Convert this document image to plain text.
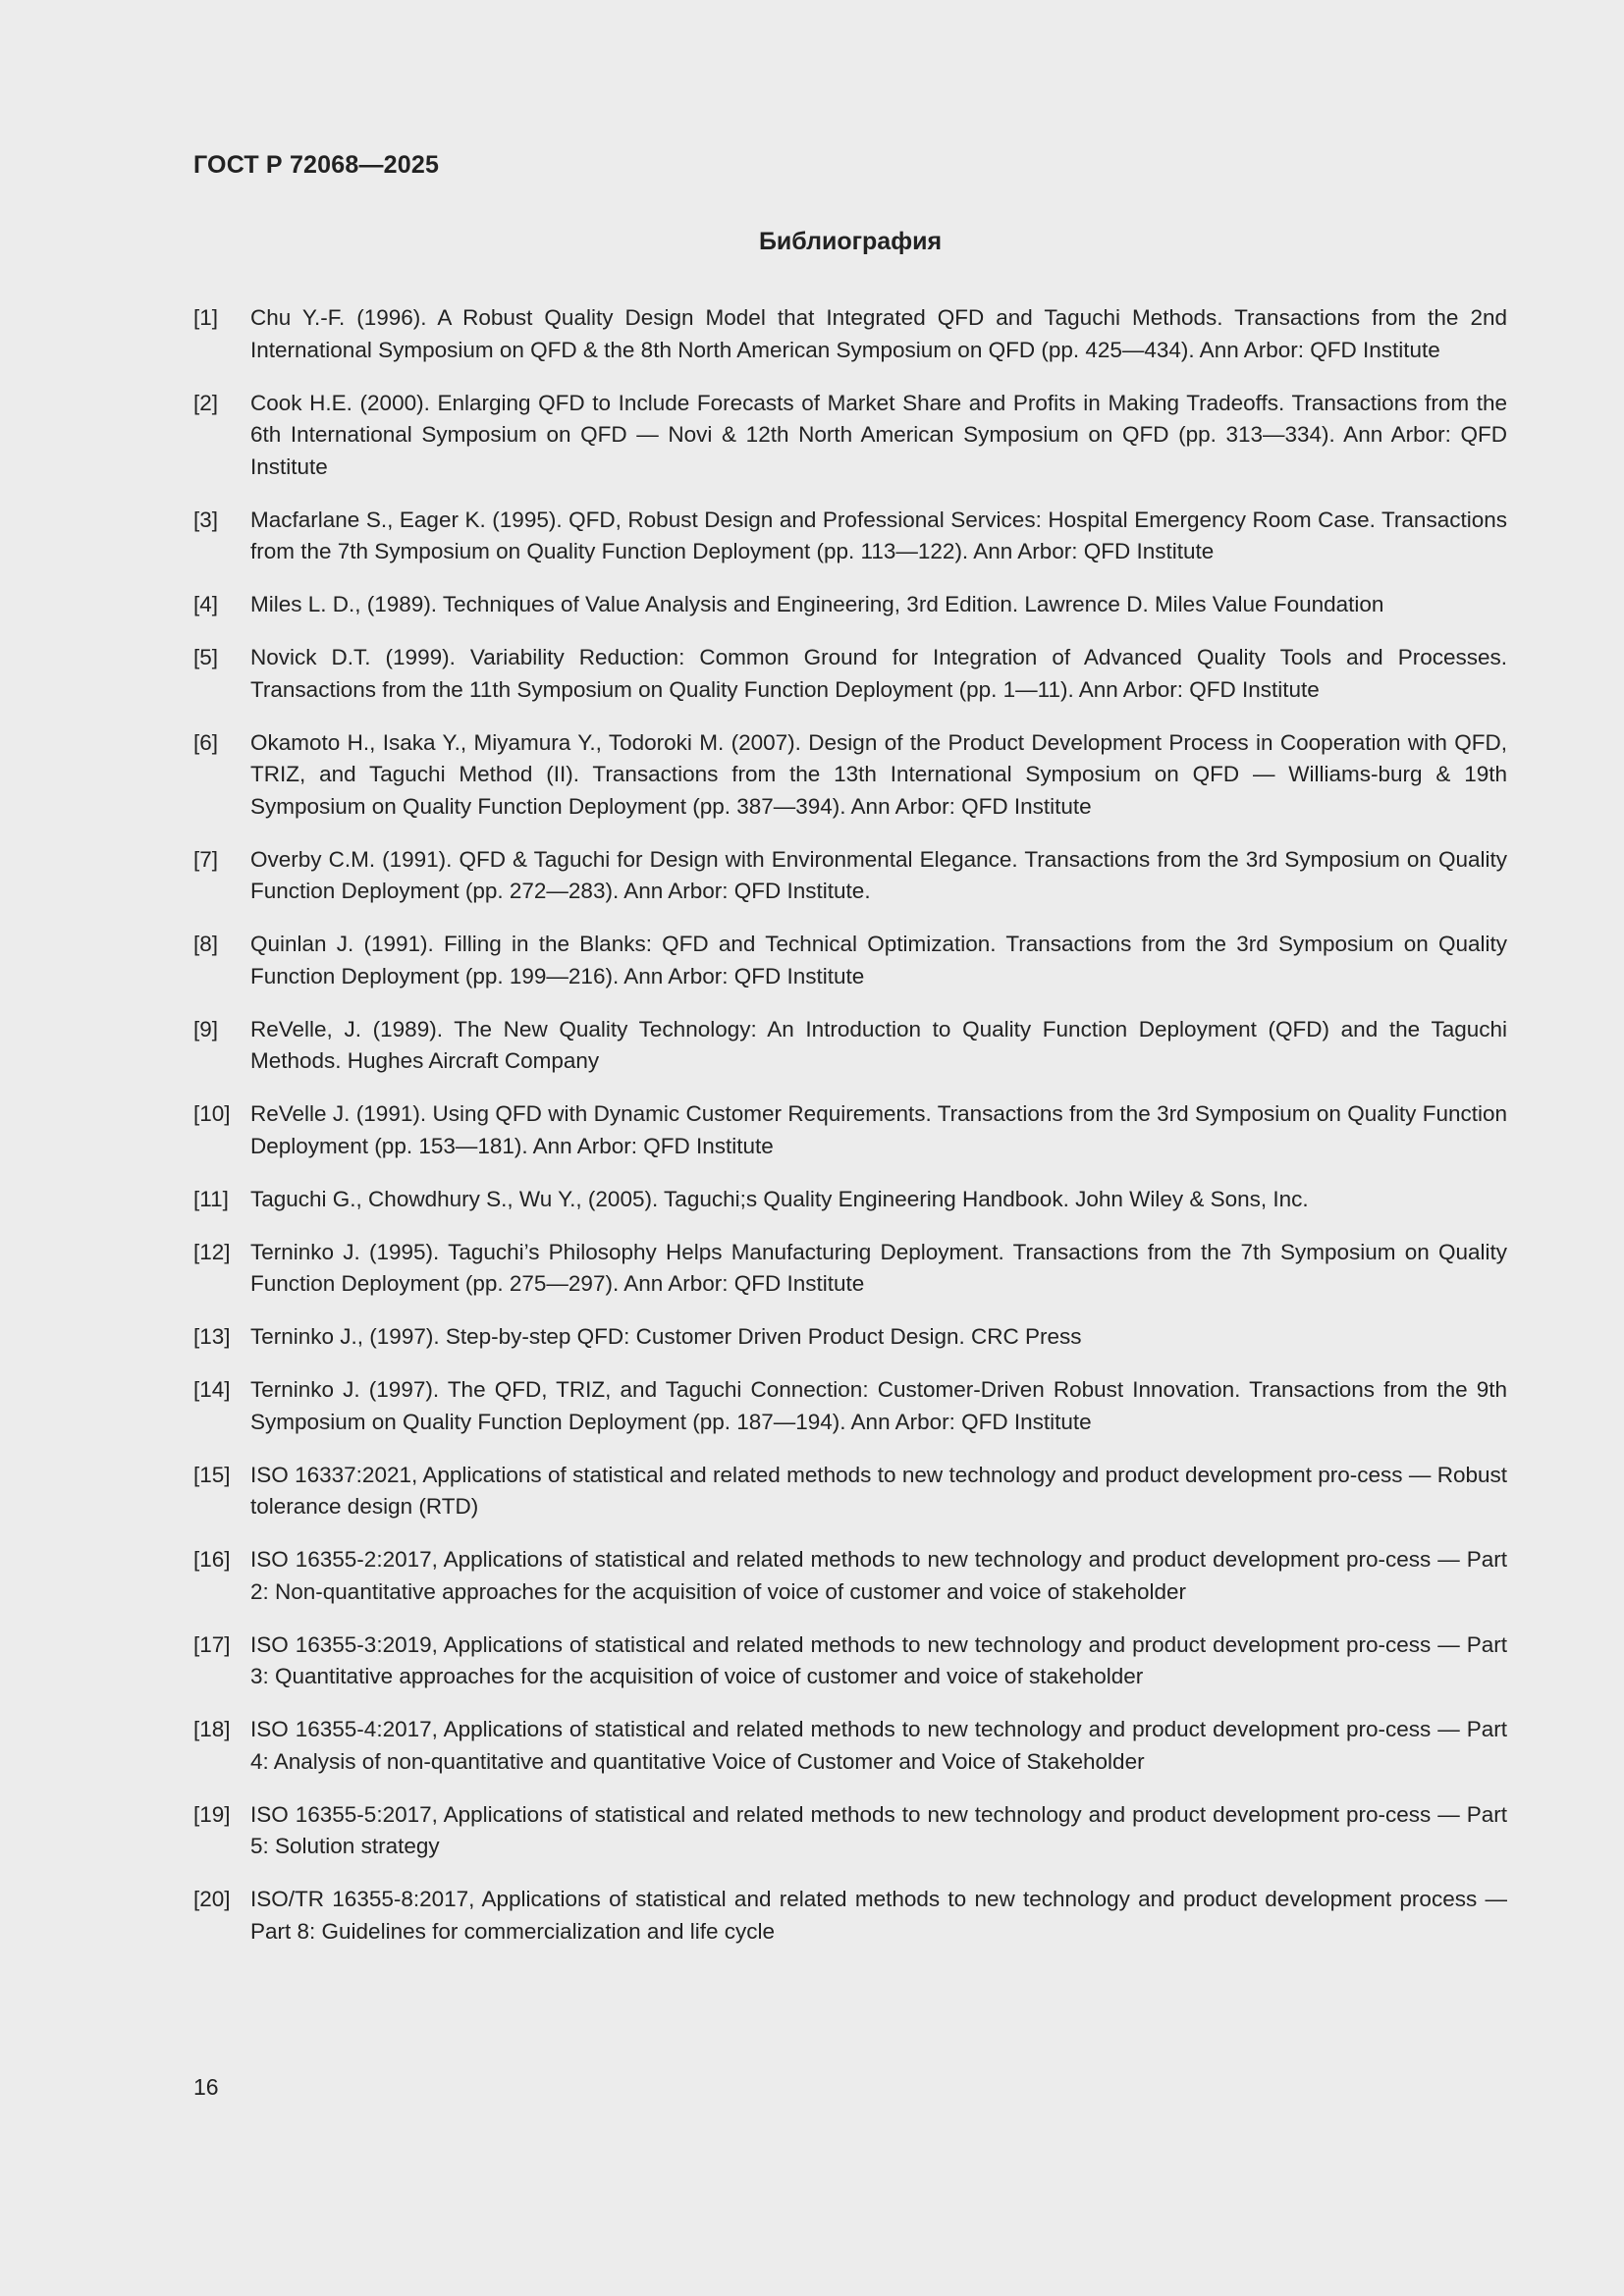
ГОСТ Р 72068—2025
Библиография
[1]	Chu Y.-F. (1996). A Robust Quality Design Model that Integrated QFD and Taguchi Methods. Transactions from the 2nd International Symposium on QFD & the 8th North American Symposium on QFD (pp. 425—434). Ann Arbor: QFD Institute
[2]	Cook H.E. (2000). Enlarging QFD to Include Forecasts of Market Share and Profits in Making Tradeoffs. Transactions from the 6th International Symposium on QFD — Novi & 12th North American Symposium on QFD (pp. 313—334). Ann Arbor: QFD Institute
[3]	Macfarlane S., Eager K. (1995). QFD, Robust Design and Professional Services: Hospital Emergency Room Case. Transactions from the 7th Symposium on Quality Function Deployment (pp. 113—122). Ann Arbor: QFD Institute
[4]	Miles L. D., (1989). Techniques of Value Analysis and Engineering, 3rd Edition. Lawrence D. Miles Value Foundation
[5]	Novick D.T. (1999). Variability Reduction: Common Ground for Integration of Advanced Quality Tools and Processes. Transactions from the 11th Symposium on Quality Function Deployment (pp. 1—11). Ann Arbor: QFD Institute
[6]	Okamoto H., Isaka Y., Miyamura Y., Todoroki M. (2007). Design of the Product Development Process in Cooperation with QFD, TRIZ, and Taguchi Method (II). Transactions from the 13th International Symposium on QFD — Williams-burg & 19th Symposium on Quality Function Deployment (pp. 387—394). Ann Arbor: QFD Institute
[7]	Overby C.M. (1991). QFD & Taguchi for Design with Environmental Elegance. Transactions from the 3rd Symposium on Quality Function Deployment (pp. 272—283). Ann Arbor: QFD Institute.
[8]	Quinlan J. (1991). Filling in the Blanks: QFD and Technical Optimization. Transactions from the 3rd Symposium on Quality Function Deployment (pp. 199—216). Ann Arbor: QFD Institute
[9]	ReVelle, J. (1989). The New Quality Technology: An Introduction to Quality Function Deployment (QFD) and the Taguchi Methods. Hughes Aircraft Company
[10] ReVelle J. (1991). Using QFD with Dynamic Customer Requirements. Transactions from the 3rd Symposium on Quality Function Deployment (pp. 153—181). Ann Arbor: QFD Institute
[11] Taguchi G., Chowdhury S., Wu Y., (2005). Taguchi;s Quality Engineering Handbook. John Wiley & Sons, Inc.
[12] Terninko J. (1995). Taguchi’s Philosophy Helps Manufacturing Deployment. Transactions from the 7th Symposium on Quality Function Deployment (pp. 275—297). Ann Arbor: QFD Institute
[13] Terninko J., (1997). Step-by-step QFD: Customer Driven Product Design. CRC Press
[14] Terninko J. (1997). The QFD, TRIZ, and Taguchi Connection: Customer-Driven Robust Innovation. Transactions from the 9th Symposium on Quality Function Deployment (pp. 187—194). Ann Arbor: QFD Institute
[15] ISO 16337:2021, Applications of statistical and related methods to new technology and product development pro-cess — Robust tolerance design (RTD)
[16] ISO 16355-2:2017, Applications of statistical and related methods to new technology and product development pro-cess — Part 2: Non-quantitative approaches for the acquisition of voice of customer and voice of stakeholder
[17] ISO 16355-3:2019, Applications of statistical and related methods to new technology and product development pro-cess — Part 3: Quantitative approaches for the acquisition of voice of customer and voice of stakeholder
[18] ISO 16355-4:2017, Applications of statistical and related methods to new technology and product development pro-cess — Part 4: Analysis of non-quantitative and quantitative Voice of Customer and Voice of Stakeholder
[19] ISO 16355-5:2017, Applications of statistical and related methods to new technology and product development pro-cess — Part 5: Solution strategy
[20] ISO/TR 16355-8:2017, Applications of statistical and related methods to new technology and product development process — Part 8: Guidelines for commercialization and life cycle
16
